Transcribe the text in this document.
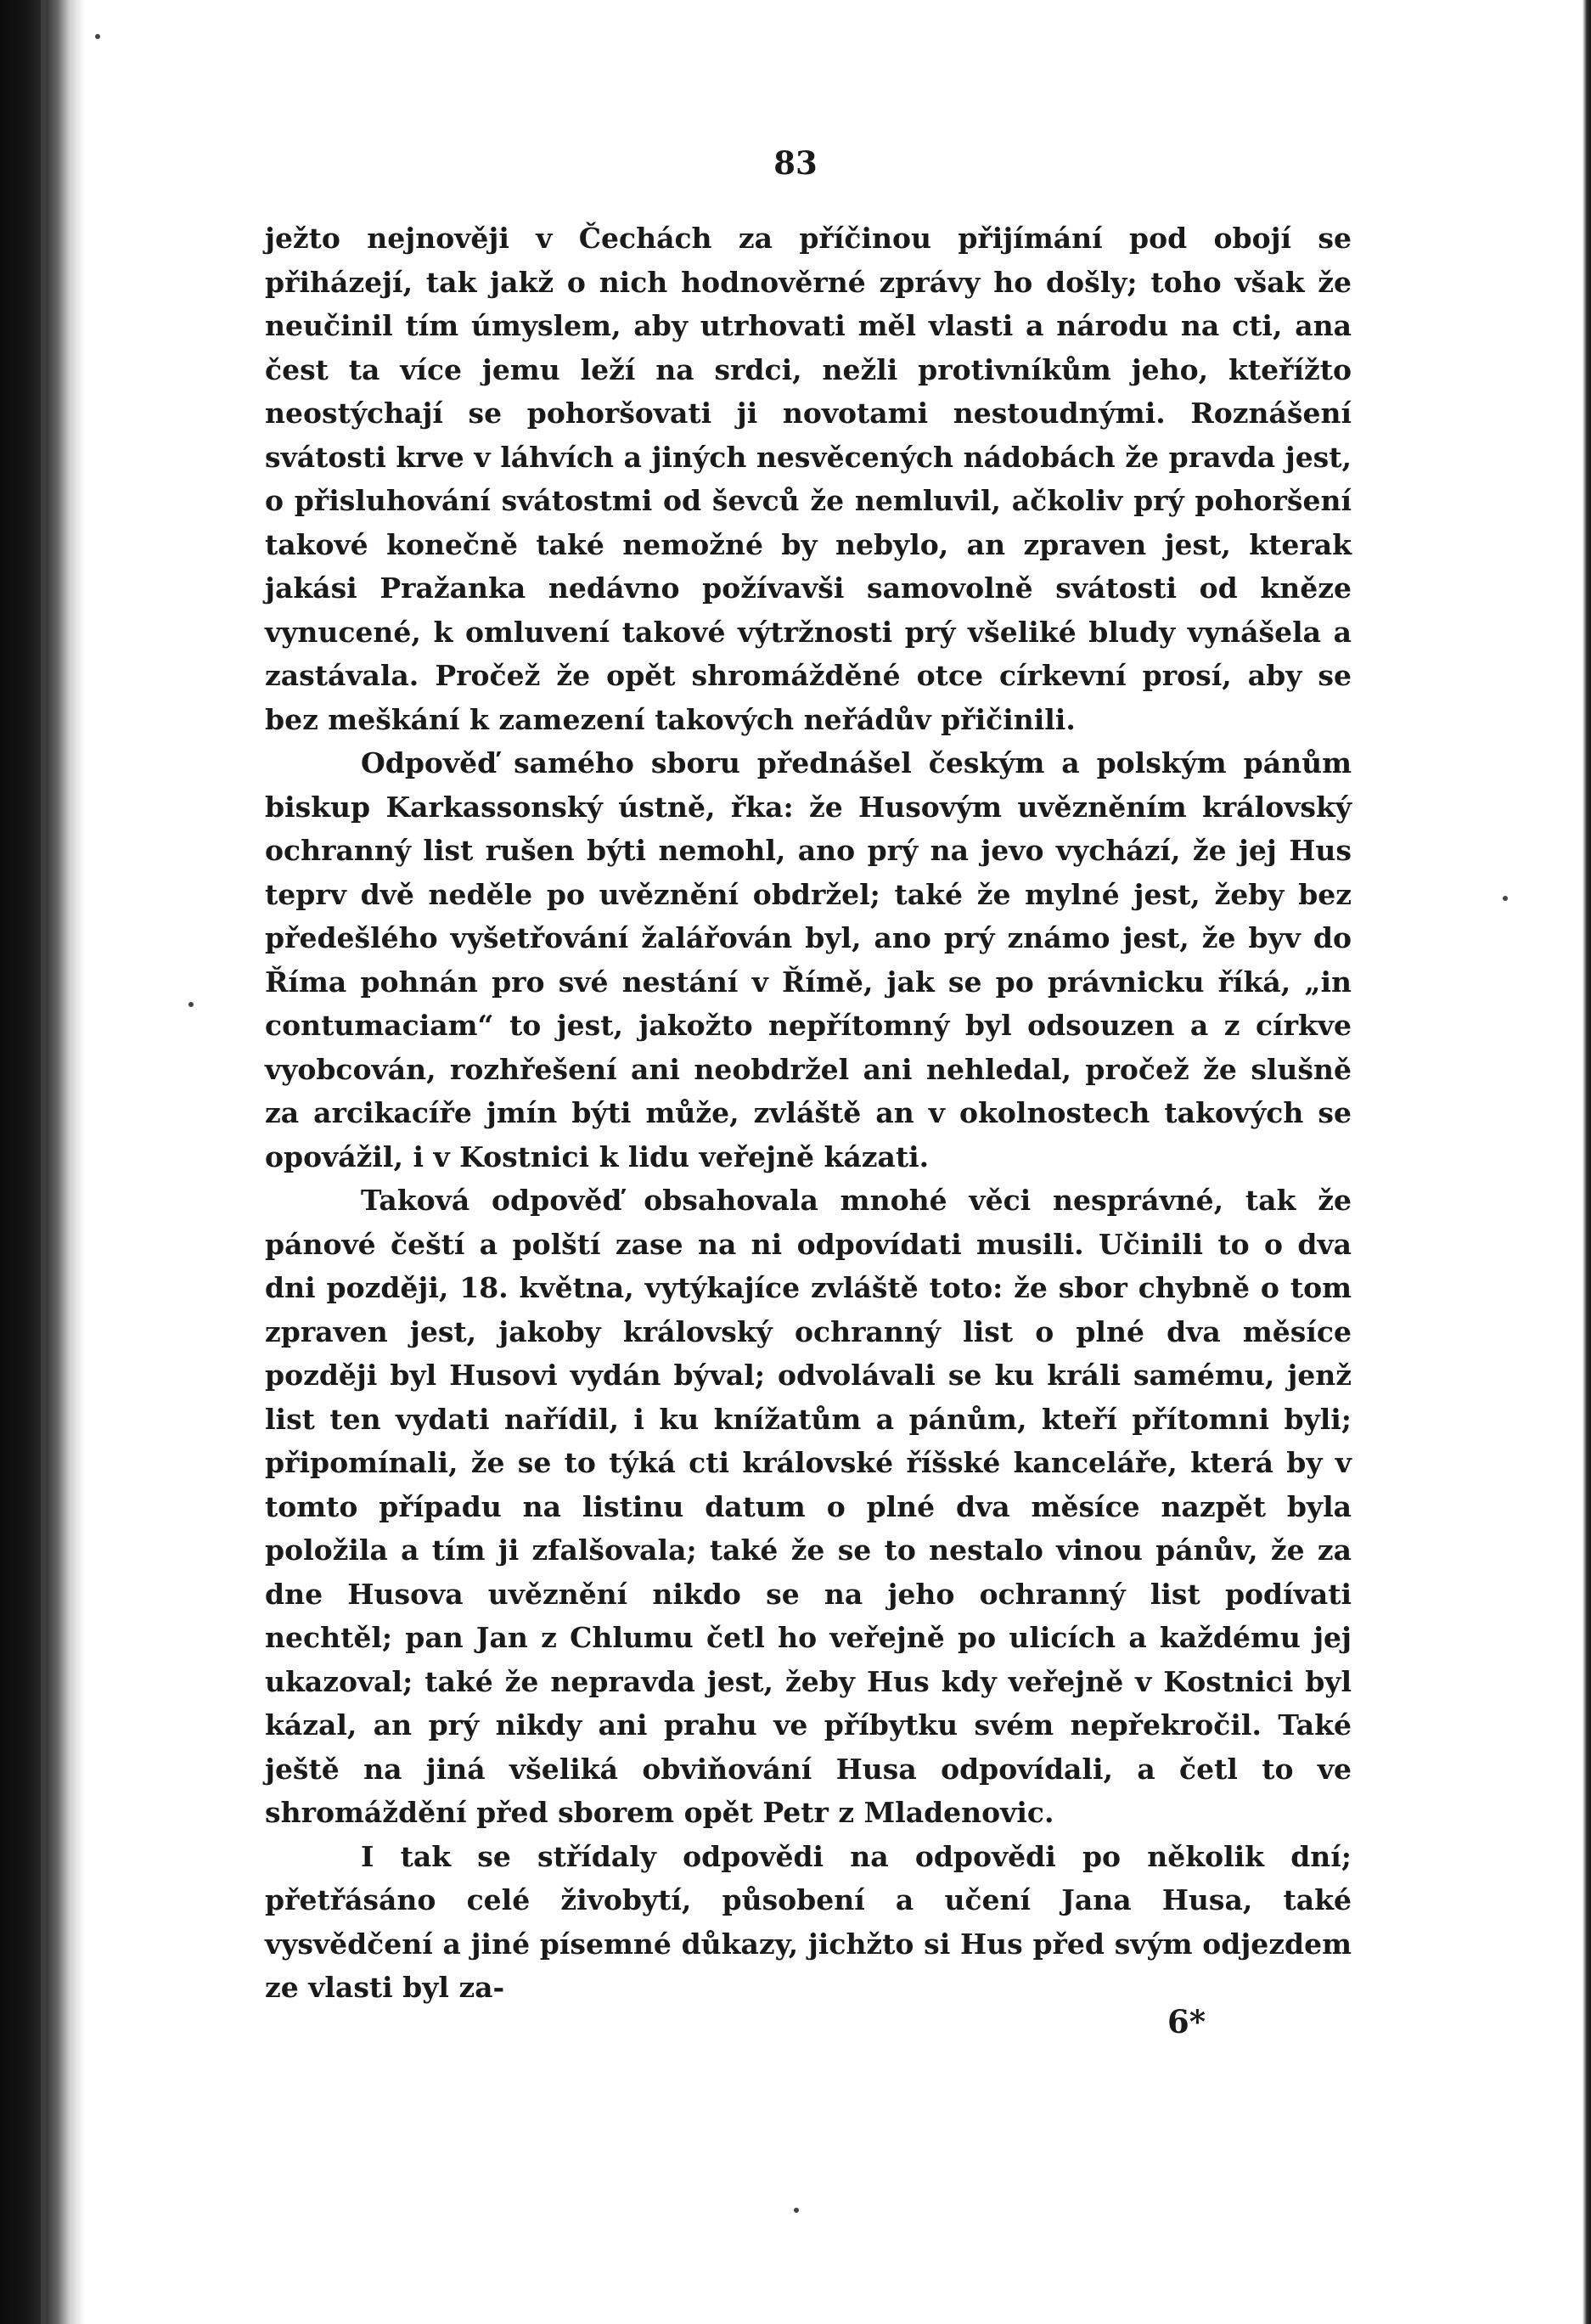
83

ježto nejnověji v Čechách za příčinou přijímání pod obojí se přiházejí, tak jakž o nich hodnověrné zprávy ho došly; toho však že neučinil tím úmyslem, aby utrhovati měl vlasti a národu na cti, ana čest ta více jemu leží na srdci, nežli protivníkům jeho, kteřížto neostýchají se pohoršovati ji novotami nestoudnými. Roznášení svátosti krve v láhvích a jiných nesvěcených nádobách že pravda jest, o přisluhování svátostmi od ševců že nemluvil, ačkoliv prý pohoršení takové konečně také nemožné by nebylo, an zpraven jest, kterak jakási Pražanka nedávno požívavši samovolně svátosti od kněze vynucené, k omluvení takové výtržnosti prý všeliké bludy vynášela a zastávala. Pročež že opět shromážděné otce církevní prosí, aby se bez meškání k zamezení takových neřádův přičinili.

Odpověď samého sboru přednášel českým a polským pánům biskup Karkassonský ústně, řka: že Husovým uvězněním královský ochranný list rušen býti nemohl, ano prý na jevo vychází, že jej Hus teprv dvě neděle po uvěznění obdržel; také že mylné jest, žeby bez předešlého vyšetřování žalářován byl, ano prý známo jest, že byv do Říma pohnán pro své nestání v Římě, jak se po právnicku říká, „in contumaciam“ to jest, jakožto nepřítomný byl odsouzen a z církve vyobcován, rozhřešení ani neobdržel ani nehledal, pročež že slušně za arcikacíře jmín býti může, zvláště an v okolnostech takových se opovážil, i v Kostnici k lidu veřejně kázati.

Taková odpověď obsahovala mnohé věci nesprávné, tak že pánové čeští a polští zase na ni odpovídati musili. Učinili to o dva dni později, 18. května, vytýkajíce zvláště toto: že sbor chybně o tom zpraven jest, jakoby královský ochranný list o plné dva měsíce později byl Husovi vydán býval; odvolávali se ku králi samému, jenž list ten vydati nařídil, i ku knížatům a pánům, kteří přítomni byli; připomínali, že se to týká cti královské říšské kanceláře, která by v tomto případu na listinu datum o plné dva měsíce nazpět byla položila a tím ji zfalšovala; také že se to nestalo vinou pánův, že za dne Husova uvěznění nikdo se na jeho ochranný list podívati nechtěl; pan Jan z Chlumu četl ho veřejně po ulicích a každému jej ukazoval; také že nepravda jest, žeby Hus kdy veřejně v Kostnici byl kázal, an prý nikdy ani prahu ve příbytku svém nepřekročil. Také ještě na jiná všeliká obviňování Husa odpovídali, a četl to ve shromáždění před sborem opět Petr z Mladenovic.

I tak se střídaly odpovědi na odpovědi po několik dní; přetřásáno celé živobytí, působení a učení Jana Husa, také vysvědčení a jiné písemné důkazy, jichžto si Hus před svým odjezdem ze vlasti byl za-

6*
